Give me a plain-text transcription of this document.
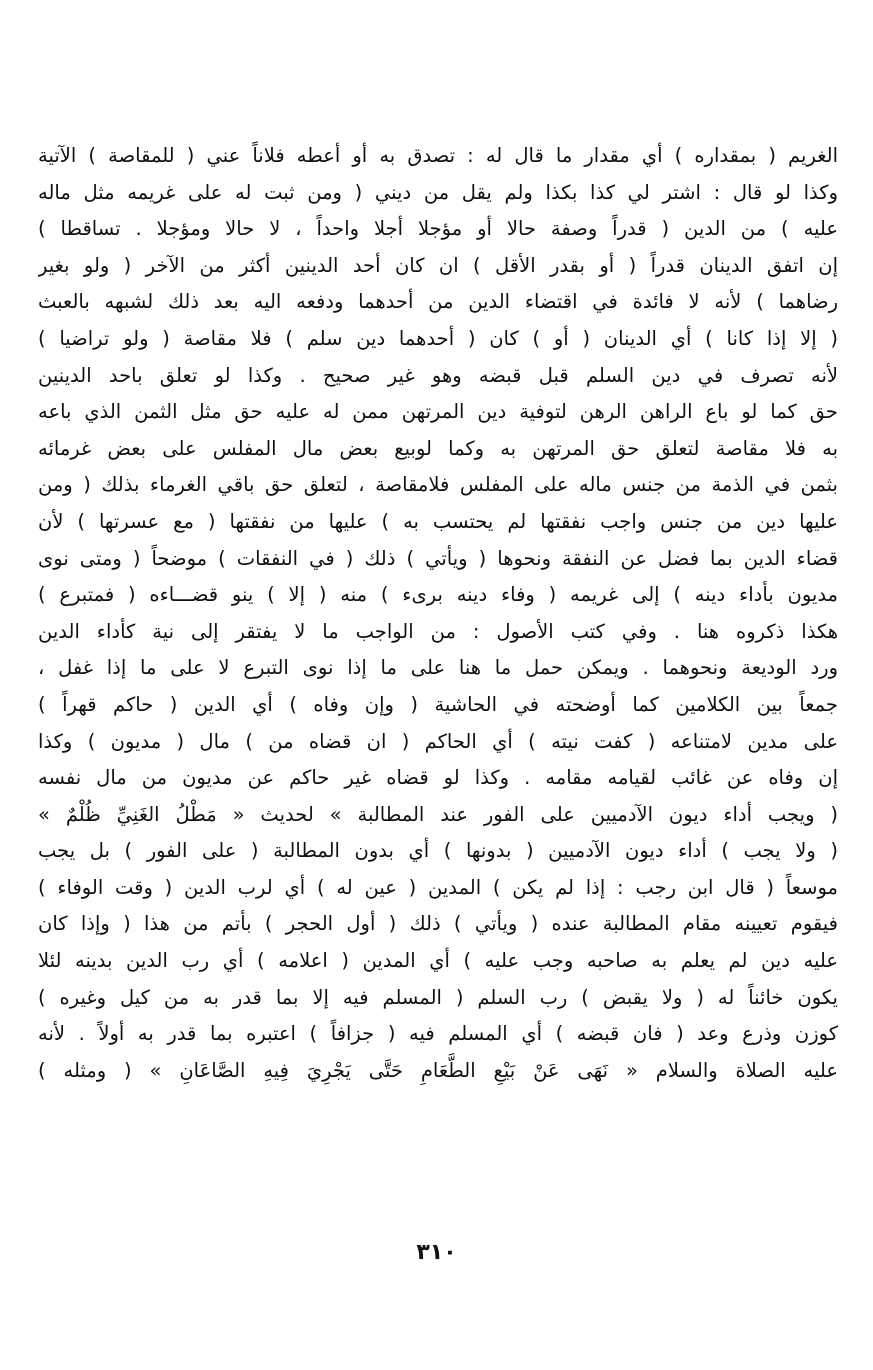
الغريم ( بمقداره ) أي مقدار ما قال له : تصدق به أو أعطه فلاناً عني ( للمقاصة ) الآتية
وكذا لو قال : اشتر لي كذا بكذا ولم يقل من ديني ( ومن ثبت له على غريمه مثل ماله
عليه ) من الدين ( قدراً وصفة حالا أو مؤجلا أجلا واحداً ، لا حالا ومؤجلا . تساقطا )
إن اتفق الدينان قدراً ( أو بقدر الأقل ) ان كان أحد الدينين أكثر من الآخر ( ولو بغير
رضاهما ) لأنه لا فائدة في اقتضاء الدين من أحدهما ودفعه اليه بعد ذلك لشبهه بالعبث
( إلا إذا كانا ) أي الدينان ( أو ) كان ( أحدهما دين سلم ) فلا مقاصة ( ولو تراضيا )
لأنه تصرف في دين السلم قبل قبضه وهو غير صحيح . وكذا لو تعلق باحد الدينين
حق كما لو باع الراهن الرهن لتوفية دين المرتهن ممن له عليه حق مثل الثمن الذي باعه
به فلا مقاصة لتعلق حق المرتهن به وكما لوبيع بعض مال المفلس على بعض غرمائه
بثمن في الذمة من جنس ماله على المفلس فلامقاصة ، لتعلق حق باقي الغرماء بذلك ( ومن
عليها دين من جنس واجب نفقتها لم يحتسب به ) عليها من نفقتها ( مع عسرتها ) لأن
قضاء الدين بما فضل عن النفقة ونحوها ( ويأتي ) ذلك ( في النفقات ) موضحاً ( ومتى نوى
مديون بأداء دينه ) إلى غريمه ( وفاء دينه برىء ) منه ( إلا ) ينو قضـــاءه ( فمتبرع )
هكذا ذكروه هنا . وفي كتب الأصول : من الواجب ما لا يفتقر إلى نية كأداء الدين
ورد الوديعة ونحوهما . ويمكن حمل ما هنا على ما إذا نوى التبرع لا على ما إذا غفل ،
جمعاً بين الكلامين كما أوضحته في الحاشية ( وإن وفاه ) أي الدين ( حاكم قهراً )
على مدين لامتناعه ( كفت نيته ) أي الحاكم ( ان قضاه من ) مال ( مديون ) وكذا
إن وفاه عن غائب لقيامه مقامه . وكذا لو قضاه غير حاكم عن مديون من مال نفسه
( ويجب أداء ديون الآدميين على الفور عند المطالبة » لحديث « مَطْلُ الغَنِيِّ ظُلْمٌ »
( ولا يجب ) أداء ديون الآدميين ( بدونها ) أي بدون المطالبة ( على الفور ) بل يجب
موسعاً ( قال ابن رجب : إذا لم يكن ) المدين ( عين له ) أي لرب الدين ( وقت الوفاء )
فيقوم تعيينه مقام المطالبة عنده ( ويأتي ) ذلك ( أول الحجر ) بأتم من هذا ( وإذا كان
عليه دين لم يعلم به صاحبه وجب عليه ) أي المدين ( اعلامه ) أي رب الدين بدينه لئلا
يكون خائناً له ( ولا يقبض ) رب السلم ( المسلم فيه إلا بما قدر به من كيل وغيره )
كوزن وذرع وعد ( فان قبضه ) أي المسلم فيه ( جزافاً ) اعتبره بما قدر به أولاً . لأنه
عليه الصلاة والسلام « نَهَى عَنْ بَيْعِ الطَّعَامِ حَتَّى يَجْرِيَ فِيهِ الصَّاعَانِ » ( ومثله )
٣١٠
